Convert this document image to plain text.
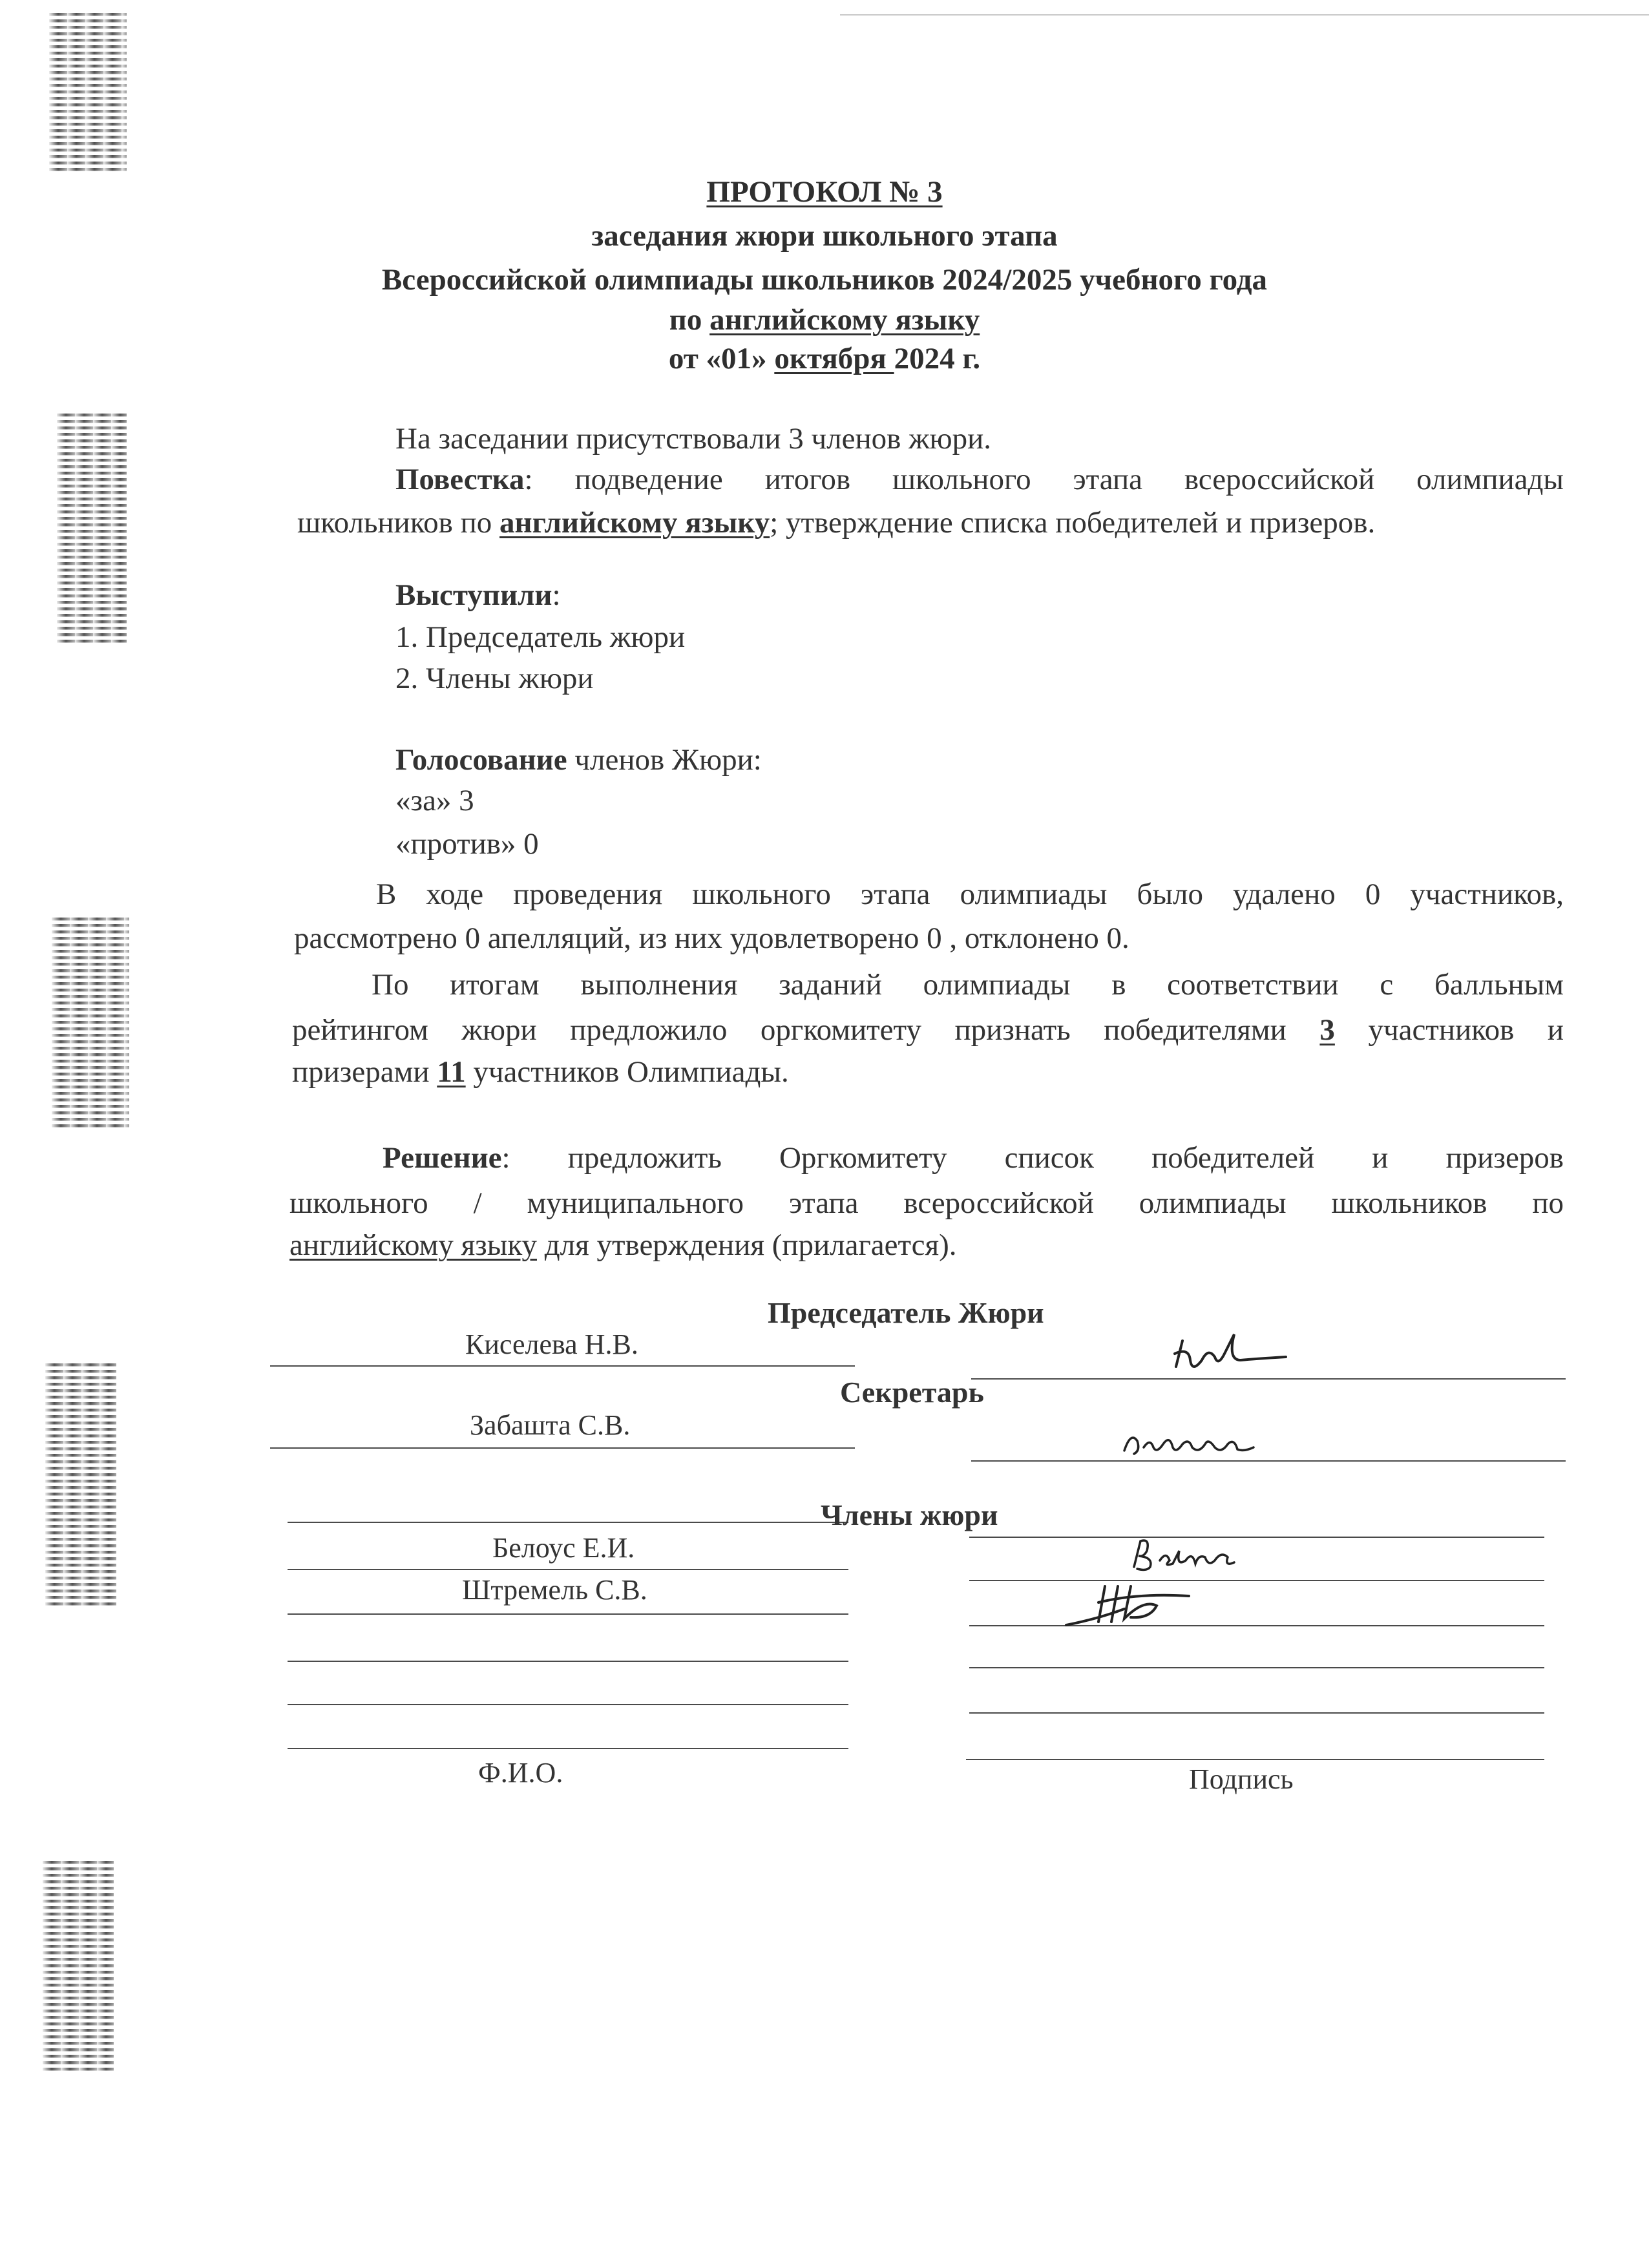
ПРОТОКОЛ № 3
заседания жюри школьного этапа
Всероссийской олимпиады школьников 2024/2025 учебного года
по английскому языку
от «01» октября 2024 г.
На заседании присутствовали 3 членов жюри.
Повестка: подведение итогов школьного этапа всероссийской олимпиады
школьников по английскому языку; утверждение списка победителей и призеров.
Выступили:
1. Председатель жюри
2. Члены жюри
Голосование членов Жюри:
«за» 3
«против» 0
В ходе проведения школьного этапа олимпиады было удалено 0 участников,
рассмотрено 0 апелляций, из них удовлетворено 0 , отклонено 0.
По итогам выполнения заданий олимпиады в соответствии с балльным
рейтингом жюри предложило оргкомитету признать победителями 3 участников и
призерами 11 участников Олимпиады.
Решение: предложить Оргкомитету список победителей и призеров
школьного / муниципального этапа всероссийской олимпиады школьников по
английскому языку для утверждения (прилагается).
Председатель Жюри
Киселева Н.В.
Секретарь
Забашта С.В.
Члены жюри
Белоус Е.И.
Штремель С.В.
Ф.И.О.	Подпись
